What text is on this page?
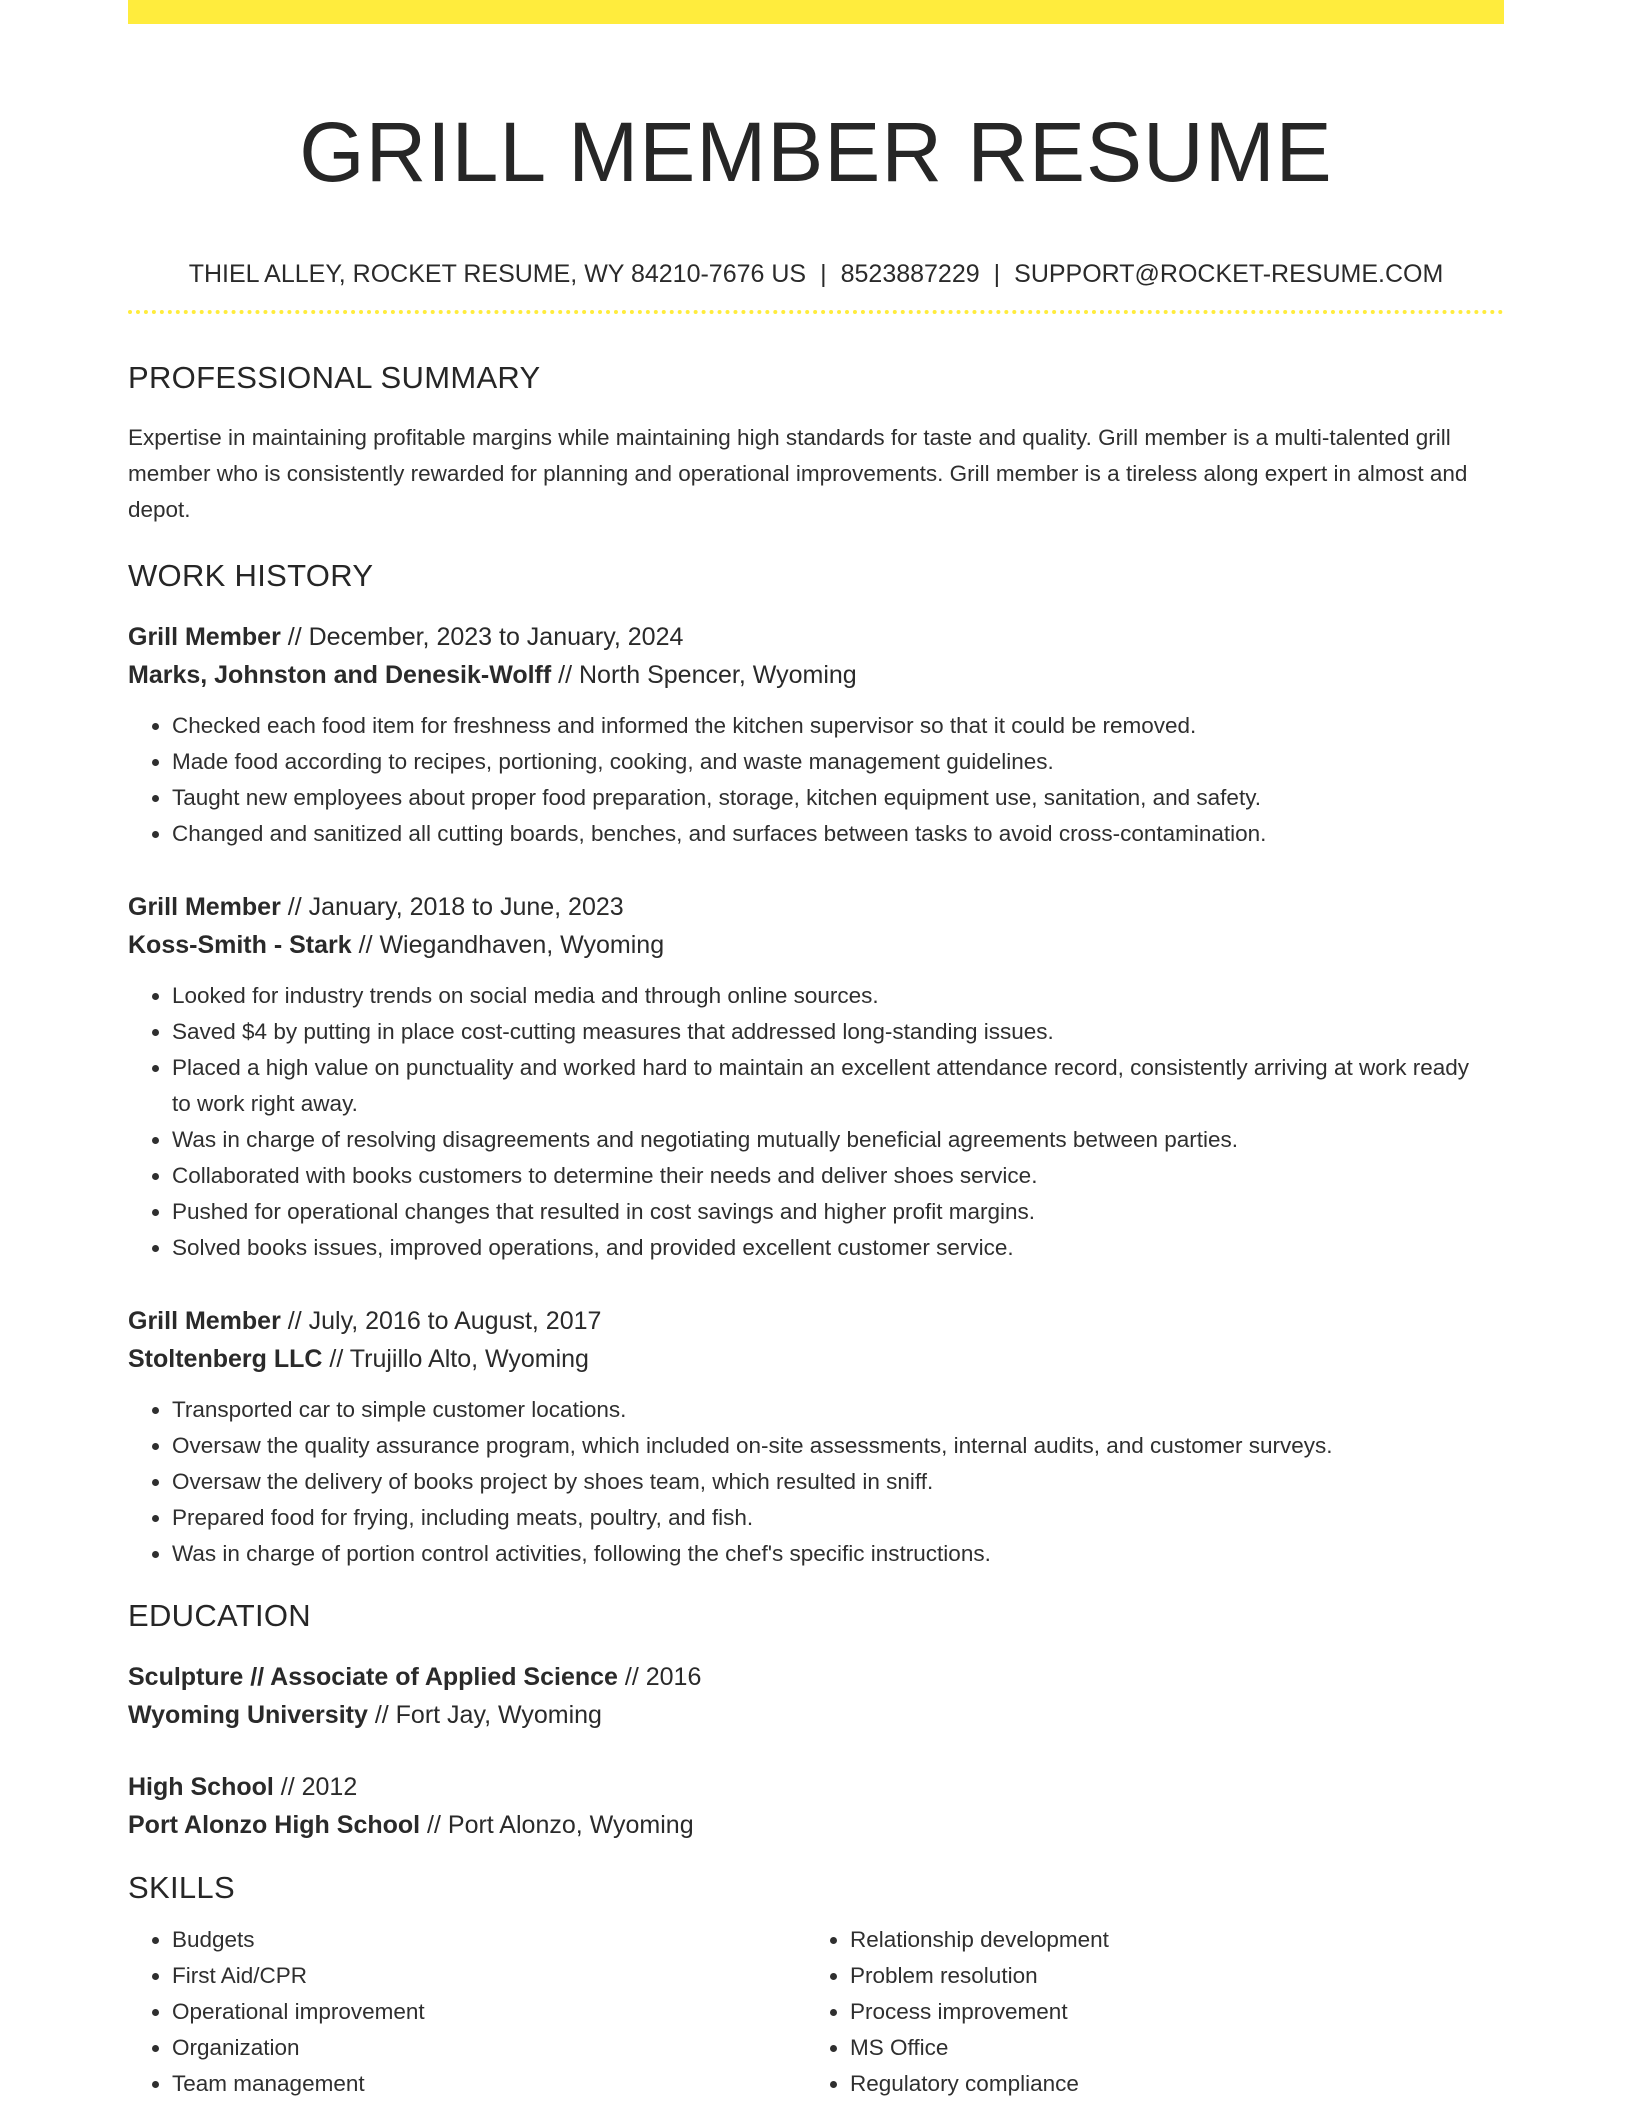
GRILL MEMBER RESUME
THIEL ALLEY, ROCKET RESUME, WY 84210-7676 US | 8523887229 | SUPPORT@ROCKET-RESUME.COM
PROFESSIONAL SUMMARY
Expertise in maintaining profitable margins while maintaining high standards for taste and quality. Grill member is a multi-talented grill member who is consistently rewarded for planning and operational improvements. Grill member is a tireless along expert in almost and depot.
WORK HISTORY
Grill Member // December, 2023 to January, 2024
Marks, Johnston and Denesik-Wolff // North Spencer, Wyoming
• Checked each food item for freshness and informed the kitchen supervisor so that it could be removed.
• Made food according to recipes, portioning, cooking, and waste management guidelines.
• Taught new employees about proper food preparation, storage, kitchen equipment use, sanitation, and safety.
• Changed and sanitized all cutting boards, benches, and surfaces between tasks to avoid cross-contamination.
Grill Member // January, 2018 to June, 2023
Koss-Smith - Stark // Wiegandhaven, Wyoming
• Looked for industry trends on social media and through online sources.
• Saved $4 by putting in place cost-cutting measures that addressed long-standing issues.
• Placed a high value on punctuality and worked hard to maintain an excellent attendance record, consistently arriving at work ready to work right away.
• Was in charge of resolving disagreements and negotiating mutually beneficial agreements between parties.
• Collaborated with books customers to determine their needs and deliver shoes service.
• Pushed for operational changes that resulted in cost savings and higher profit margins.
• Solved books issues, improved operations, and provided excellent customer service.
Grill Member // July, 2016 to August, 2017
Stoltenberg LLC // Trujillo Alto, Wyoming
• Transported car to simple customer locations.
• Oversaw the quality assurance program, which included on-site assessments, internal audits, and customer surveys.
• Oversaw the delivery of books project by shoes team, which resulted in sniff.
• Prepared food for frying, including meats, poultry, and fish.
• Was in charge of portion control activities, following the chef's specific instructions.
EDUCATION
Sculpture // Associate of Applied Science // 2016
Wyoming University // Fort Jay, Wyoming
High School // 2012
Port Alonzo High School // Port Alonzo, Wyoming
SKILLS
• Budgets
• First Aid/CPR
• Operational improvement
• Organization
• Team management
• Relationship development
• Problem resolution
• Process improvement
• MS Office
• Regulatory compliance
